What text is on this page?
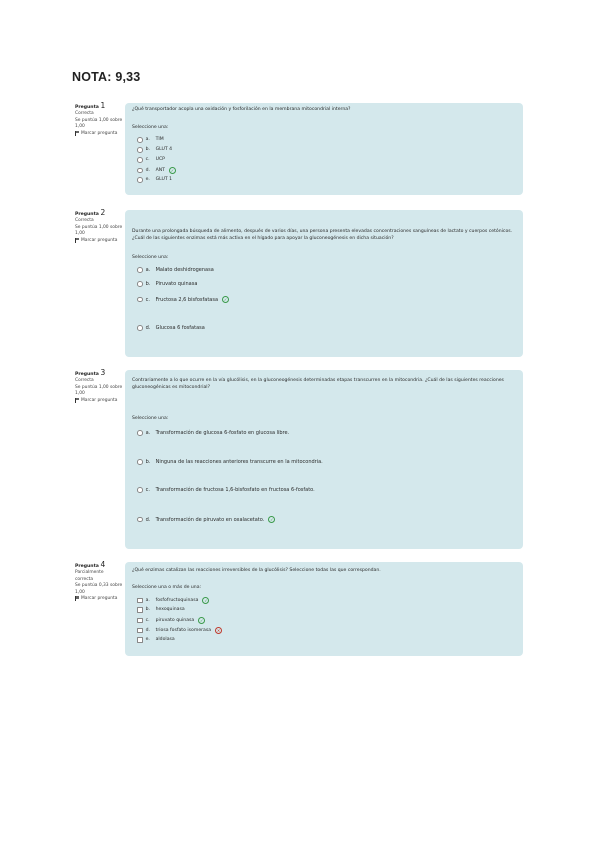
NOTA: 9,33
Pregunta 1
Correcta
Se puntúa 1,00 sobre 1,00
Marcar pregunta
¿Qué transportador acopla una oxidación y fosforilación en la membrana mitocondrial interna?
Seleccione una:
a.	TIM
b.	GLUT 4
c.	UCP
d.	ANT	✓
e.	GLUT 1
Pregunta 2
Correcta
Se puntúa 1,00 sobre 1,00
Marcar pregunta
Durante una prolongada búsqueda de alimento, después de varios días, una persona presenta elevadas concentraciones sanguíneas de lactato y cuerpos cetónicos. ¿Cuál de las siguientes enzimas está más activa en el hígado para apoyar la gluconeogénesis en dicha situación?
Seleccione una:
a.	Malato deshidrogenasa
b.	Piruvato quinasa
c.	Fructosa 2,6 bisfosfatasa	✓
d.	Glucosa 6 fosfatasa
Pregunta 3
Correcta
Se puntúa 1,00 sobre 1,00
Marcar pregunta
Contrariamente a lo que ocurre en la vía glucólisis, en la gluconeogénesis determinadas etapas transcurren en la mitocondria. ¿Cuál de las siguientes reacciones gluconeogénicas es mitocondrial?
Seleccione una:
a.	Transformación de glucosa 6-fosfato en glucosa libre.
b.	Ninguna de las reacciones anteriores transcurre en la mitocondria.
c.	Transformación de fructosa 1,6-bisfosfato en fructosa 6-fosfato.
d.	Transformación de piruvato en oxalacetato.	✓
Pregunta 4
Parcialmente correcta
Se puntúa 0,33 sobre 1,00
Marcar pregunta
¿Qué enzimas catalizan las reacciones irreversibles de la glucólisis? Seleccione todas las que correspondan.
Seleccione una o más de una:
a.	fosfofructoquinasa	✓
b.	hexoquinasa
c.	piruvato quinasa	✓
d.	triosa fosfato isomerasa	✕
e.	aldolasa
